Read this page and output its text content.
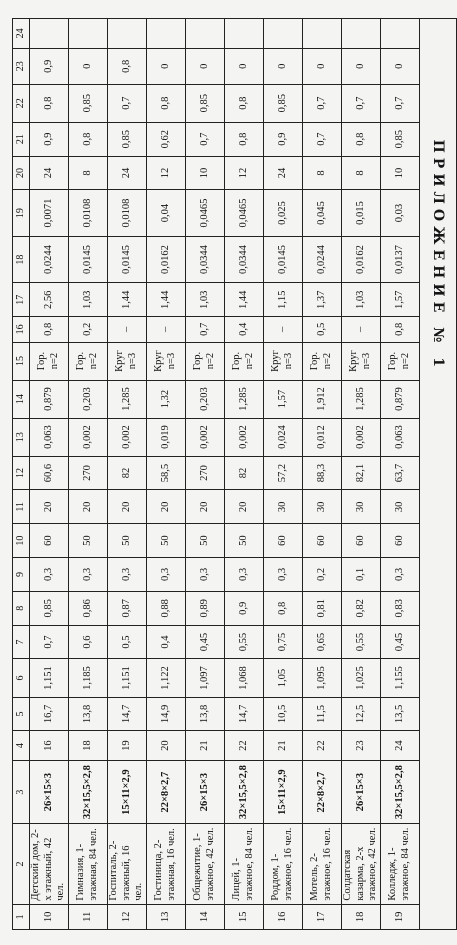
1	2	3	4	5	6	7	8	9	10	11	12	13	14	15	16	17	18	19	20	21	22	23	24
10	Детский дом, 2-х этажный, 42 чел.	26×15×3	16	16,7	1,151	0,7	0,85	0,3	60	20	60,6	0,063	0,879	Гор. n=2	0,8	2,56	0,0244	0,0071	24	0,9	0,8	0,9	
11	Гимназия, 1-этажная, 84 чел.	32×15,5×2,8	18	13,8	1,185	0,6	0,86	0,3	50	20	270	0,002	0,203	Гор. n=2	0,2	1,03	0,0145	0,0108	8	0,8	0,85	0	
12	Госпиталь, 2-этажный, 16 чел.	15×11×2,9	19	14,7	1,151	0,5	0,87	0,3	50	20	82	0,002	1,285	Круг n=3	–	1,44	0,0145	0,0108	24	0,85	0,7	0,8	
13	Гостиница, 2-этажная, 16 чел.	22×8×2,7	20	14,9	1,122	0,4	0,88	0,3	50	20	58,5	0,019	1,32	Круг n=3	–	1,44	0,0162	0,04	12	0,62	0,8	0	
14	Общежитие, 1-этажное, 42 чел.	26×15×3	21	13,8	1,097	0,45	0,89	0,3	50	20	270	0,002	0,203	Гор. n=2	0,7	1,03	0,0344	0,0465	10	0,7	0,85	0	
15	Лицей, 1-этажное, 84 чел.	32×15,5×2,8	22	14,7	1,068	0,55	0,9	0,3	50	20	82	0,002	1,285	Гор. n=2	0,4	1,44	0,0344	0,0465	12	0,8	0,8	0	
16	Роддом, 1-этажное, 16 чел.	15×11×2,9	21	10,5	1,05	0,75	0,8	0,3	60	30	57,2	0,024	1,57	Круг n=3	–	1,15	0,0145	0,025	24	0,9	0,85	0	
17	Мотель, 2-этажное, 16 чел.	22×8×2,7	22	11,5	1,095	0,65	0,81	0,2	60	30	88,3	0,012	1,912	Гор. n=2	0,5	1,37	0,0244	0,045	8	0,7	0,7	0	
18	Солдатская казарма, 2-х этажное, 42 чел.	26×15×3	23	12,5	1,025	0,55	0,82	0,1	60	30	82,1	0,002	1,285	Круг n=3	–	1,03	0,0162	0,015	8	0,8	0,7	0	
19	Колледж, 1-этажное, 84 чел.	32×15,5×2,8	24	13,5	1,155	0,45	0,83	0,3	60	30	63,7	0,063	0,879	Гор. n=2	0,8	1,57	0,0137	0,03	10	0,85	0,7	0	
ПРИЛОЖЕНИЕ № 1																							
